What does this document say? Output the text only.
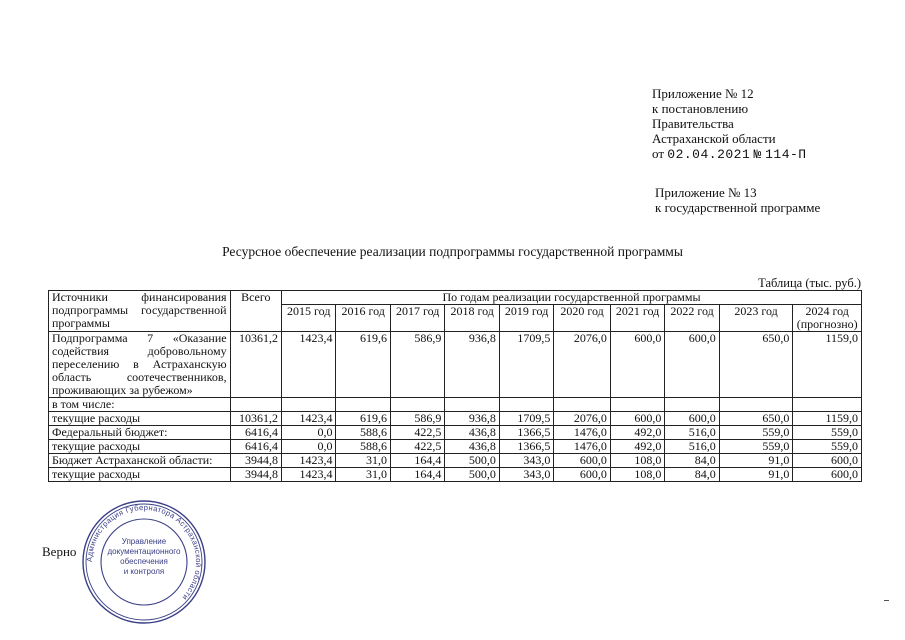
Приложение № 12
к постановлению
Правительства
Астраханской области
от 02.04.2021 № 114-П
Приложение № 13
к государственной программе
Ресурсное обеспечение реализации подпрограммы государственной программы
Таблица (тыс. руб.)
Источники финансирования подпрограммы государственной программы	Всего	По годам реализации государственной программы									
		2015 год	2016 год	2017 год	2018 год	2019 год	2020 год	2021 год	2022 год	2023 год	2024 год (прогнозно)
Подпрограмма 7 «Оказание содействия добровольному переселению в Астраханскую область соотечественников, проживающих за рубежом»	10361,2	1423,4	619,6	586,9	936,8	1709,5	2076,0	600,0	600,0	650,0	1159,0
в том числе:											
текущие расходы	10361,2	1423,4	619,6	586,9	936,8	1709,5	2076,0	600,0	600,0	650,0	1159,0
Федеральный бюджет:	6416,4	0,0	588,6	422,5	436,8	1366,5	1476,0	492,0	516,0	559,0	559,0
текущие расходы	6416,4	0,0	588,6	422,5	436,8	1366,5	1476,0	492,0	516,0	559,0	559,0
Бюджет Астраханской области:	3944,8	1423,4	31,0	164,4	500,0	343,0	600,0	108,0	84,0	91,0	600,0
текущие расходы	3944,8	1423,4	31,0	164,4	500,0	343,0	600,0	108,0	84,0	91,0	600,0
Верно
Администрация Губернатора Астраханской области
Управление документационного обеспечения и контроля
